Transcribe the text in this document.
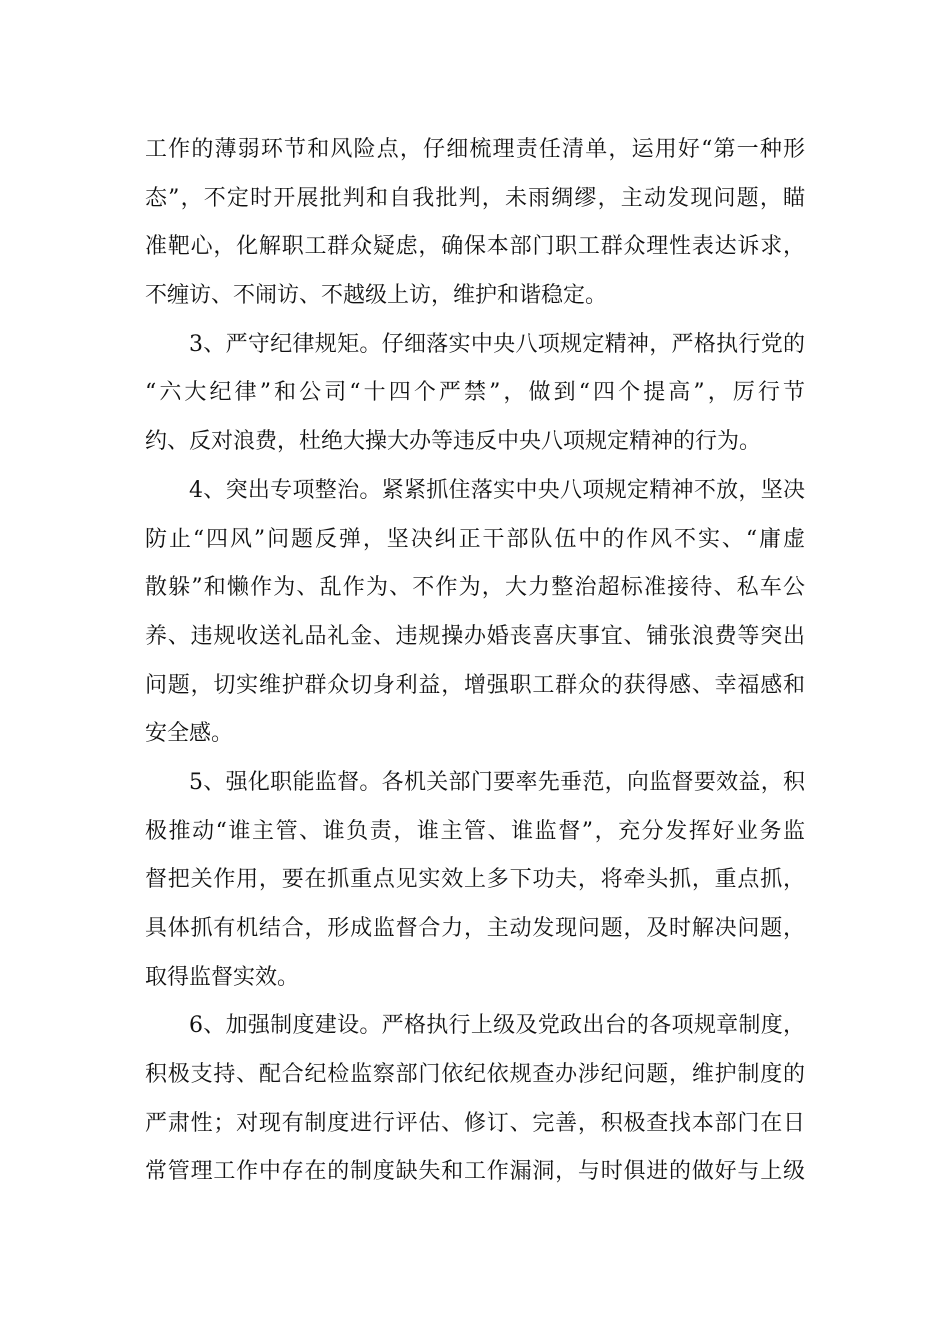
工作的薄弱环节和风险点，仔细梳理责任清单，运用好“第一种形
态”，不定时开展批判和自我批判，未雨绸缪，主动发现问题，瞄
准靶心，化解职工群众疑虑，确保本部门职工群众理性表达诉求，
不缠访、不闹访、不越级上访，维护和谐稳定。
3、严守纪律规矩。仔细落实中央八项规定精神，严格执行党的
“六大纪律”和公司“十四个严禁”，做到“四个提高”，厉行节
约、反对浪费，杜绝大操大办等违反中央八项规定精神的行为。
4、突出专项整治。紧紧抓住落实中央八项规定精神不放，坚决
防止“四风”问题反弹，坚决纠正干部队伍中的作风不实、“庸虚
散躲”和懒作为、乱作为、不作为，大力整治超标准接待、私车公
养、违规收送礼品礼金、违规操办婚丧喜庆事宜、铺张浪费等突出
问题，切实维护群众切身利益，增强职工群众的获得感、幸福感和
安全感。
5、强化职能监督。各机关部门要率先垂范，向监督要效益，积
极推动“谁主管、谁负责，谁主管、谁监督”，充分发挥好业务监
督把关作用，要在抓重点见实效上多下功夫，将牵头抓，重点抓，
具体抓有机结合，形成监督合力，主动发现问题，及时解决问题，
取得监督实效。
6、加强制度建设。严格执行上级及党政出台的各项规章制度，
积极支持、配合纪检监察部门依纪依规查办涉纪问题，维护制度的
严肃性；对现有制度进行评估、修订、完善，积极查找本部门在日
常管理工作中存在的制度缺失和工作漏洞，与时俱进的做好与上级
